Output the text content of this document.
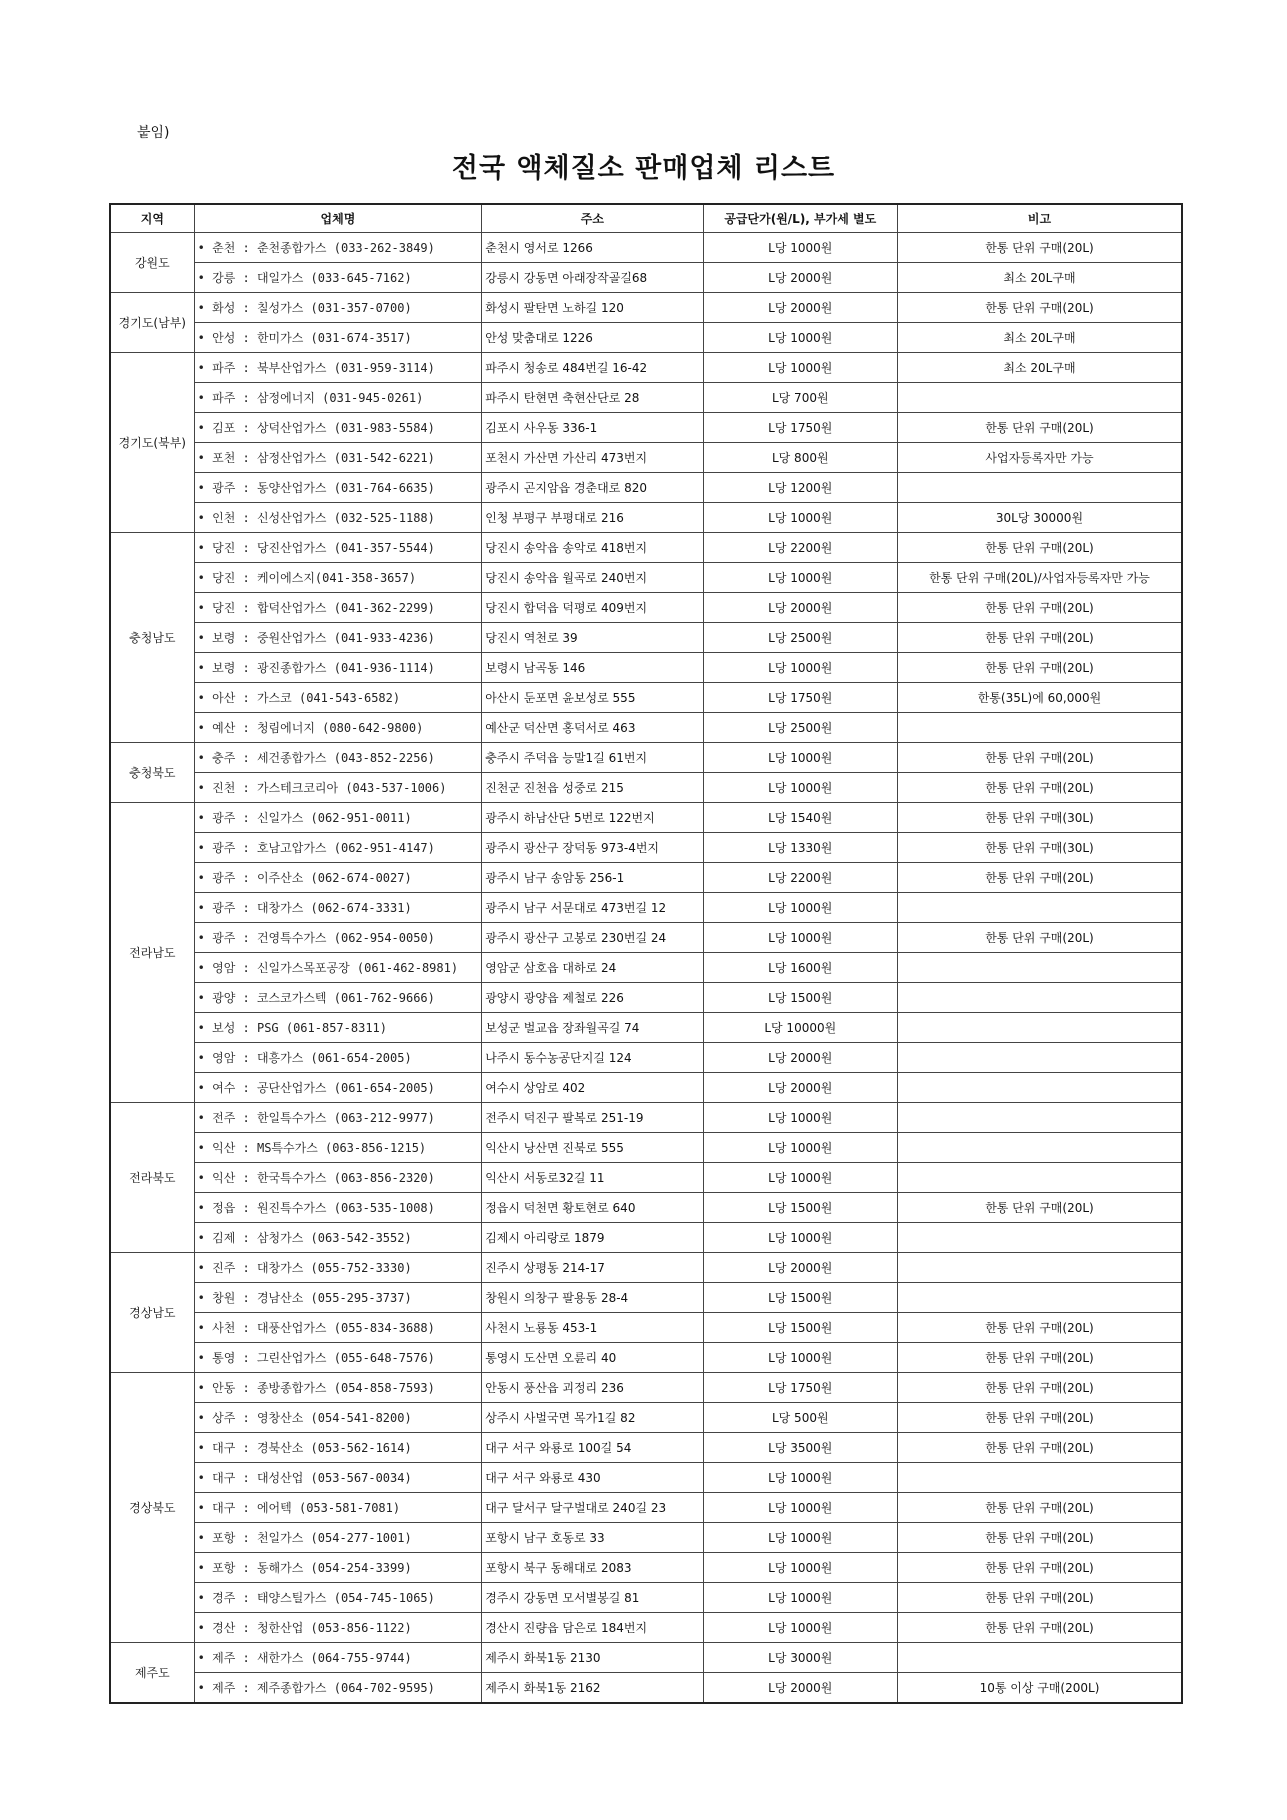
붙임)
전국 액체질소 판매업체 리스트
지역	업체명	주소	공급단가(원/L), 부가세 별도	비고
강원도	• 춘천 : 춘천종합가스 (033-262-3849)	춘천시 영서로 1266	L당 1000원	한통 단위 구매(20L)
	• 강릉 : 대일가스 (033-645-7162)	강릉시 강동면 아래장작골길68	L당 2000원	최소 20L구매
경기도(남부)	• 화성 : 칠성가스 (031-357-0700)	화성시 팔탄면 노하길 120	L당 2000원	한통 단위 구매(20L)
	• 안성 : 한미가스 (031-674-3517)	안성 맞춤대로 1226	L당 1000원	최소 20L구매
경기도(북부)	• 파주 : 북부산업가스 (031-959-3114)	파주시 청송로 484번길 16-42	L당 1000원	최소 20L구매
	• 파주 : 삼정에너지 (031-945-0261)	파주시 탄현면 축현산단로 28	L당 700원	
	• 김포 : 상덕산업가스 (031-983-5584)	김포시 사우동 336-1	L당 1750원	한통 단위 구매(20L)
	• 포천 : 삼정산업가스 (031-542-6221)	포천시 가산면 가산리 473번지	L당 800원	사업자등록자만 가능
	• 광주 : 동양산업가스 (031-764-6635)	광주시 곤지암읍 경춘대로 820	L당 1200원	
	• 인천 : 신성산업가스 (032-525-1188)	인청 부평구 부평대로 216	L당 1000원	30L당 30000원
충청남도	• 당진 : 당진산업가스 (041-357-5544)	당진시 송악읍 송악로 418번지	L당 2200원	한통 단위 구매(20L)
	• 당진 : 케이에스지(041-358-3657)	당진시 송악읍 월곡로 240번지	L당 1000원	한통 단위 구매(20L)/사업자등록자만 가능
	• 당진 : 합덕산업가스 (041-362-2299)	당진시 합덕읍 덕평로 409번지	L당 2000원	한통 단위 구매(20L)
	• 보령 : 중원산업가스 (041-933-4236)	당진시 역천로 39	L당 2500원	한통 단위 구매(20L)
	• 보령 : 광진종합가스 (041-936-1114)	보령시 남곡동 146	L당 1000원	한통 단위 구매(20L)
	• 아산 : 가스코 (041-543-6582)	아산시 둔포면 윤보성로 555	L당 1750원	한통(35L)에 60,000원
	• 예산 : 청림에너지 (080-642-9800)	예산군 덕산면 홍덕서로 463	L당 2500원	
충청북도	• 충주 : 세건종합가스 (043-852-2256)	충주시 주덕읍 능말1길 61번지	L당 1000원	한통 단위 구매(20L)
	• 진천 : 가스테크코리아 (043-537-1006)	진천군 진천읍 성중로 215	L당 1000원	한통 단위 구매(20L)
전라남도	• 광주 : 신일가스 (062-951-0011)	광주시 하남산단 5번로 122번지	L당 1540원	한통 단위 구매(30L)
	• 광주 : 호남고압가스 (062-951-4147)	광주시 광산구 장덕동 973-4번지	L당 1330원	한통 단위 구매(30L)
	• 광주 : 이주산소 (062-674-0027)	광주시 남구 송암동 256-1	L당 2200원	한통 단위 구매(20L)
	• 광주 : 대창가스 (062-674-3331)	광주시 남구 서문대로 473번길 12	L당 1000원	
	• 광주 : 건영특수가스 (062-954-0050)	광주시 광산구 고봉로 230번길 24	L당 1000원	한통 단위 구매(20L)
	• 영암 : 신일가스목포공장 (061-462-8981)	영암군 삼호읍 대하로 24	L당 1600원	
	• 광양 : 코스코가스텍 (061-762-9666)	광양시 광양읍 제철로 226	L당 1500원	
	• 보성 : PSG (061-857-8311)	보성군 벌교읍 장좌월곡길 74	L당 10000원	
	• 영암 : 대흥가스 (061-654-2005)	나주시 동수농공단지길 124	L당 2000원	
	• 여수 : 공단산업가스 (061-654-2005)	여수시 상암로 402	L당 2000원	
전라북도	• 전주 : 한일특수가스 (063-212-9977)	전주시 덕진구 팔복로 251-19	L당 1000원	
	• 익산 : MS특수가스 (063-856-1215)	익산시 낭산면 진북로 555	L당 1000원	
	• 익산 : 한국특수가스 (063-856-2320)	익산시 서동로32길 11	L당 1000원	
	• 정읍 : 원진특수가스 (063-535-1008)	정읍시 덕천면 황토현로 640	L당 1500원	한통 단위 구매(20L)
	• 김제 : 삼청가스 (063-542-3552)	김제시 아리랑로 1879	L당 1000원	
경상남도	• 진주 : 대창가스 (055-752-3330)	진주시 상평동 214-17	L당 2000원	
	• 창원 : 경남산소 (055-295-3737)	창원시 의창구 팔용동 28-4	L당 1500원	
	• 사천 : 대풍산업가스 (055-834-3688)	사천시 노룡동 453-1	L당 1500원	한통 단위 구매(20L)
	• 통영 : 그린산업가스 (055-648-7576)	통영시 도산면 오륜리 40	L당 1000원	한통 단위 구매(20L)
경상북도	• 안동 : 종방종합가스 (054-858-7593)	안동시 풍산읍 괴정리 236	L당 1750원	한통 단위 구매(20L)
	• 상주 : 영창산소 (054-541-8200)	상주시 사벌국면 목가1길 82	L당 500원	한통 단위 구매(20L)
	• 대구 : 경북산소 (053-562-1614)	대구 서구 와룡로 100길 54	L당 3500원	한통 단위 구매(20L)
	• 대구 : 대성산업 (053-567-0034)	대구 서구 와룡로 430	L당 1000원	
	• 대구 : 에어텍 (053-581-7081)	대구 달서구 달구벌대로 240길 23	L당 1000원	한통 단위 구매(20L)
	• 포항 : 천일가스 (054-277-1001)	포항시 남구 호동로 33	L당 1000원	한통 단위 구매(20L)
	• 포항 : 동해가스 (054-254-3399)	포항시 북구 동해대로 2083	L당 1000원	한통 단위 구매(20L)
	• 경주 : 태양스틸가스 (054-745-1065)	경주시 강동면 모서별봉길 81	L당 1000원	한통 단위 구매(20L)
	• 경산 : 청한산업 (053-856-1122)	경산시 진량읍 담은로 184번지	L당 1000원	한통 단위 구매(20L)
제주도	• 제주 : 새한가스 (064-755-9744)	제주시 화북1동 2130	L당 3000원	
	• 제주 : 제주종합가스 (064-702-9595)	제주시 화북1동 2162	L당 2000원	10통 이상 구매(200L)
